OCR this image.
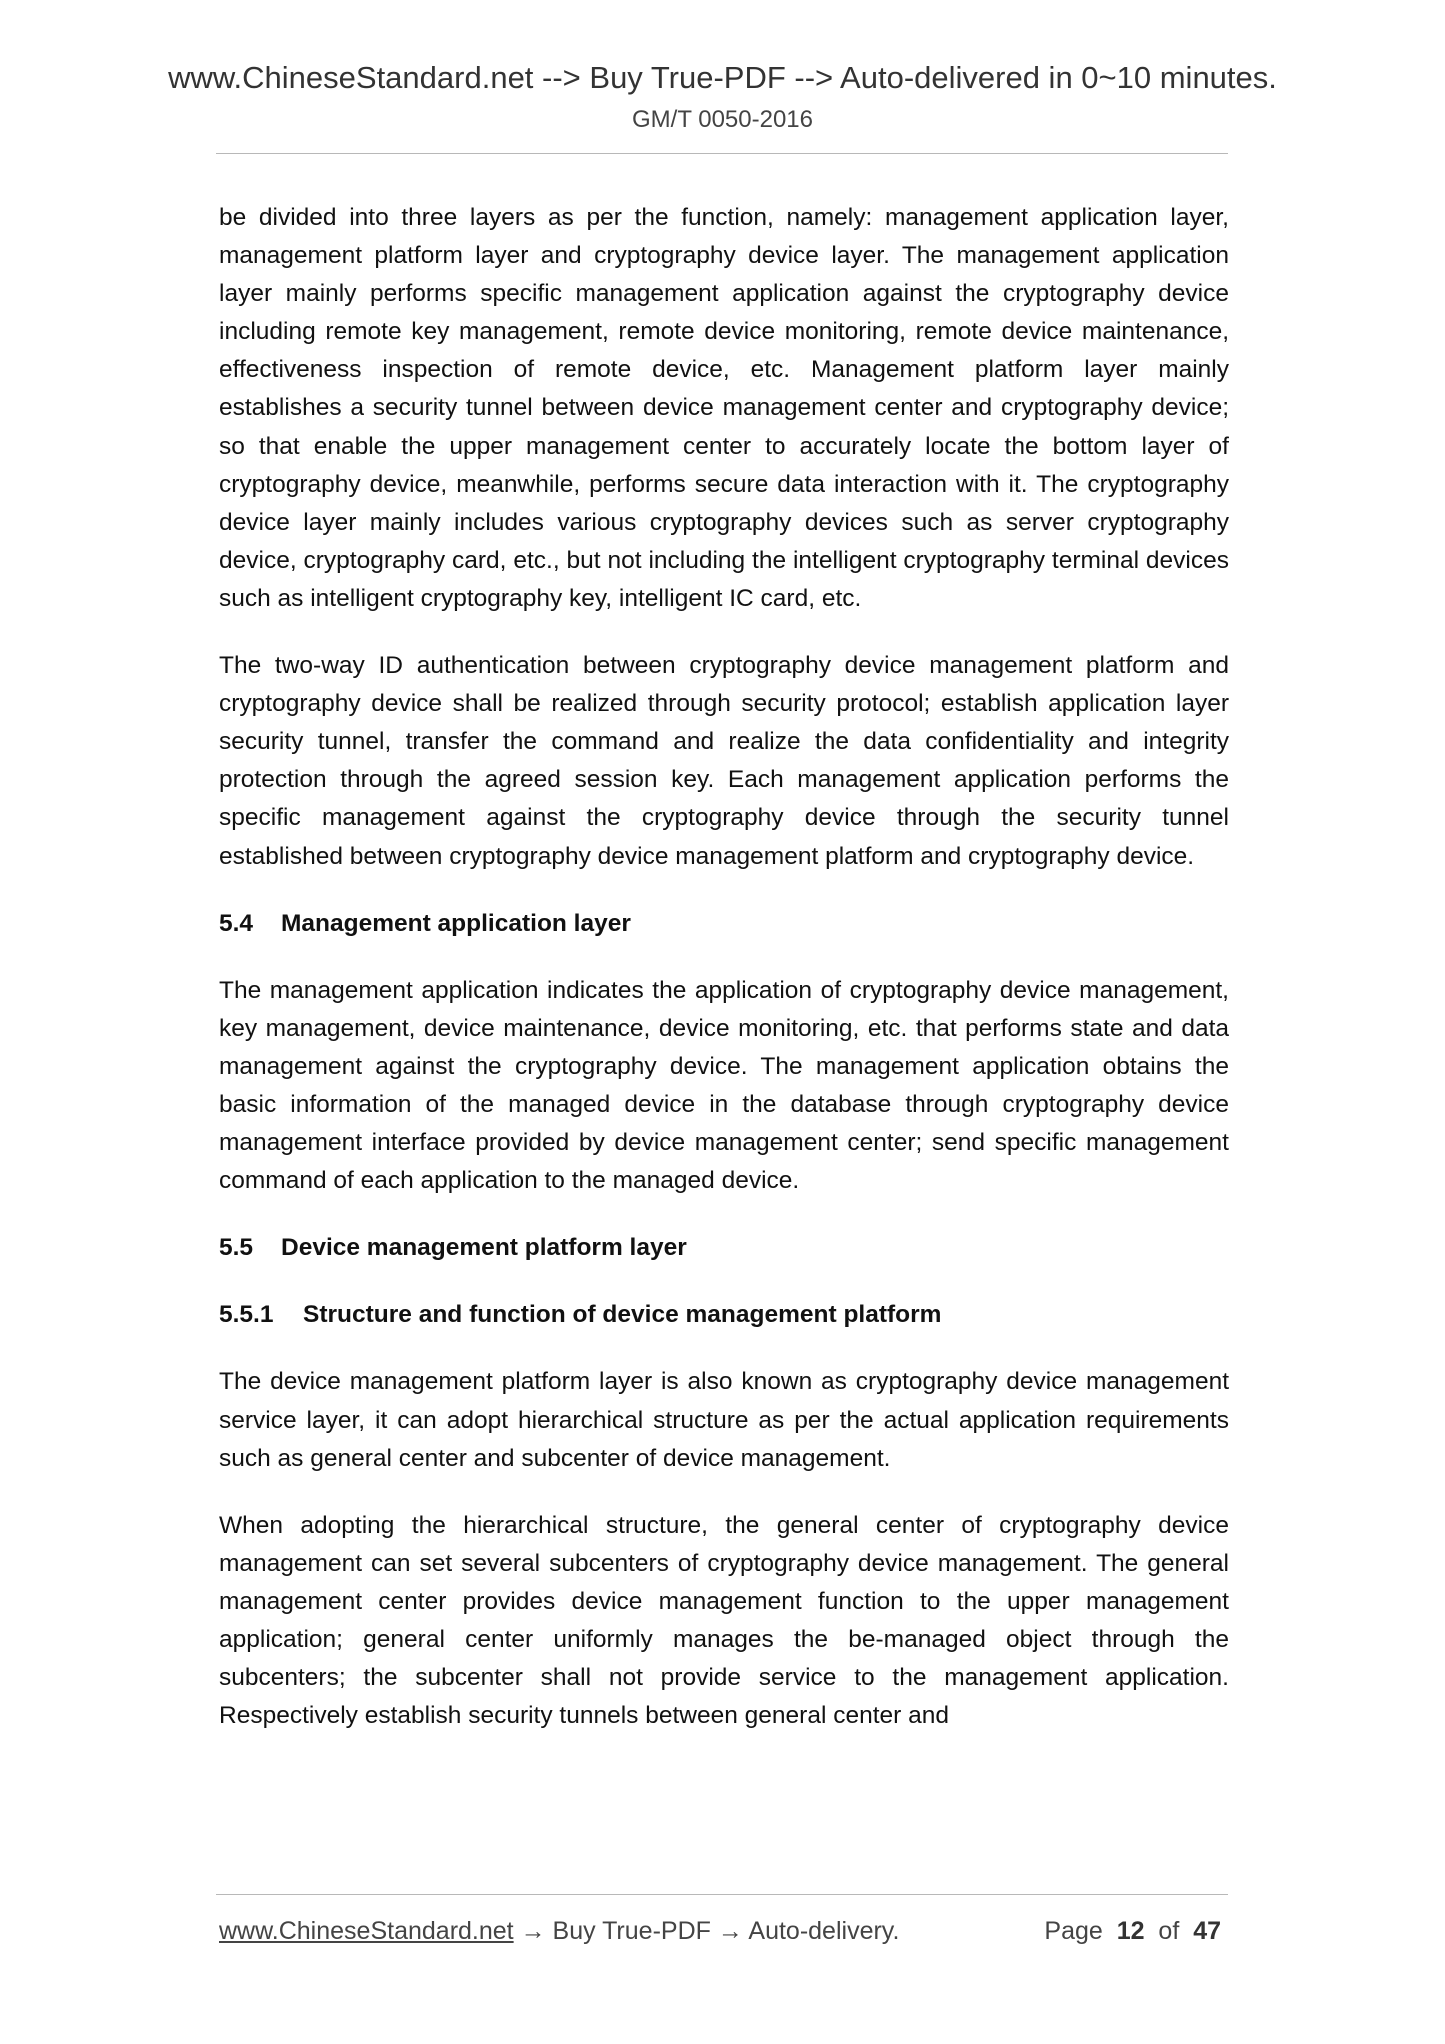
www.ChineseStandard.net --> Buy True-PDF --> Auto-delivered in 0~10 minutes.
GM/T 0050-2016

be divided into three layers as per the function, namely: management application layer, management platform layer and cryptography device layer. The management application layer mainly performs specific management application against the cryptography device including remote key management, remote device monitoring, remote device maintenance, effectiveness inspection of remote device, etc. Management platform layer mainly establishes a security tunnel between device management center and cryptography device; so that enable the upper management center to accurately locate the bottom layer of cryptography device, meanwhile, performs secure data interaction with it. The cryptography device layer mainly includes various cryptography devices such as server cryptography device, cryptography card, etc., but not including the intelligent cryptography terminal devices such as intelligent cryptography key, intelligent IC card, etc.

The two-way ID authentication between cryptography device management platform and cryptography device shall be realized through security protocol; establish application layer security tunnel, transfer the command and realize the data confidentiality and integrity protection through the agreed session key. Each management application performs the specific management against the cryptography device through the security tunnel established between cryptography device management platform and cryptography device.

5.4 Management application layer

The management application indicates the application of cryptography device management, key management, device maintenance, device monitoring, etc. that performs state and data management against the cryptography device. The management application obtains the basic information of the managed device in the database through cryptography device management interface provided by device management center; send specific management command of each application to the managed device.

5.5 Device management platform layer
5.5.1 Structure and function of device management platform

The device management platform layer is also known as cryptography device management service layer, it can adopt hierarchical structure as per the actual application requirements such as general center and subcenter of device management.

When adopting the hierarchical structure, the general center of cryptography device management can set several subcenters of cryptography device management. The general management center provides device management function to the upper management application; general center uniformly manages the be-managed object through the subcenters; the subcenter shall not provide service to the management application. Respectively establish security tunnels between general center and

www.ChineseStandard.net → Buy True-PDF → Auto-delivery.	Page 12 of 47
